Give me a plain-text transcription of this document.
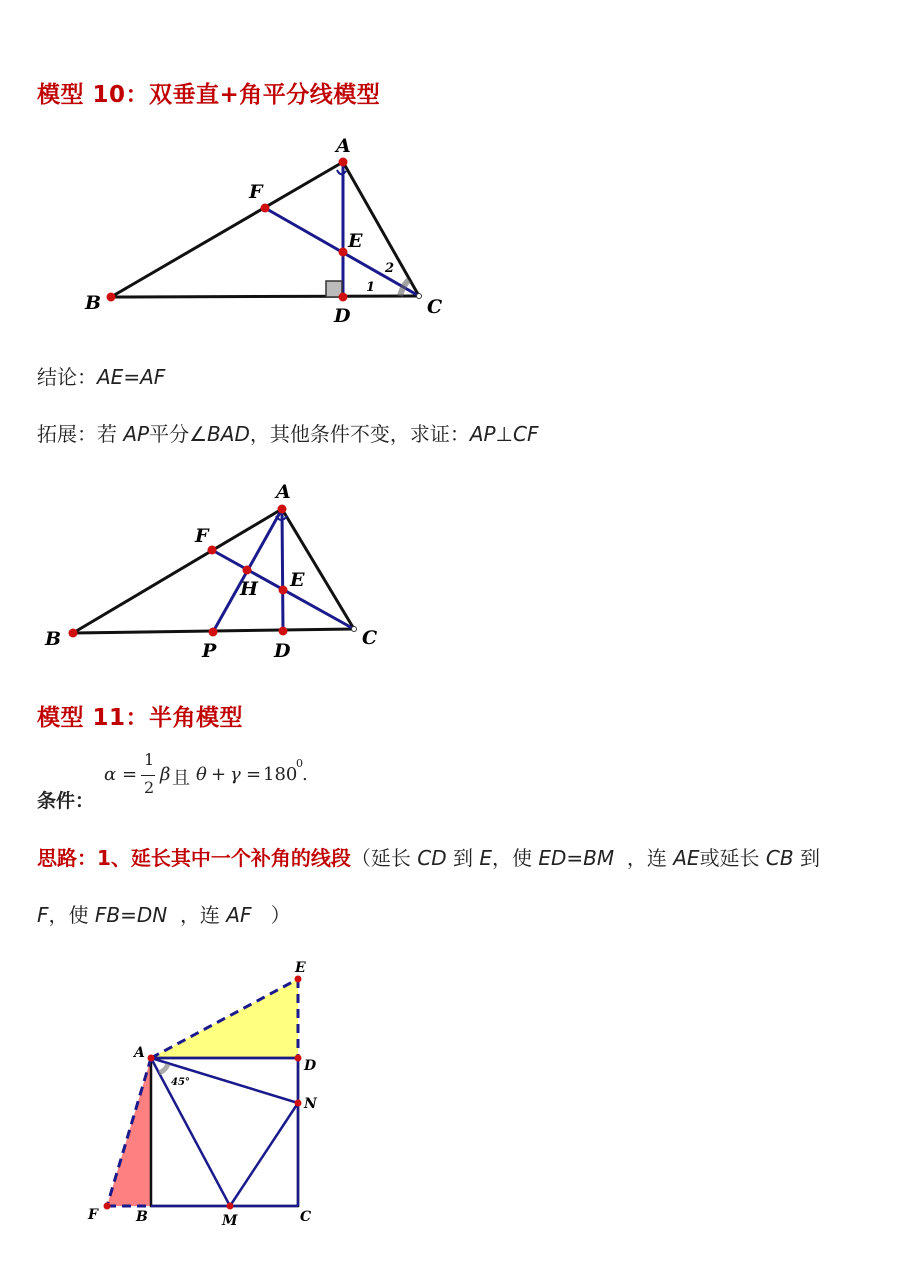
模型 10：双垂直+角平分线模型
A
F
E
B
D	C
1
2
结论：AE=AF
拓展：若 AP平分∠BAD，其他条件不变，求证：AP⊥CF
A
F
H E
B
P	D
C
模型 11：半角模型
条件：
α =
1
2
β 且 θ + γ = 180
0
.
思路：1、延长其中一个补角的线段（延长 CD 到 E，使 ED=BM ，连 AE或延长 CB 到
F，使 FB=DN ，连 AF ）
A
E
D
N
F	B	M	C
45°
